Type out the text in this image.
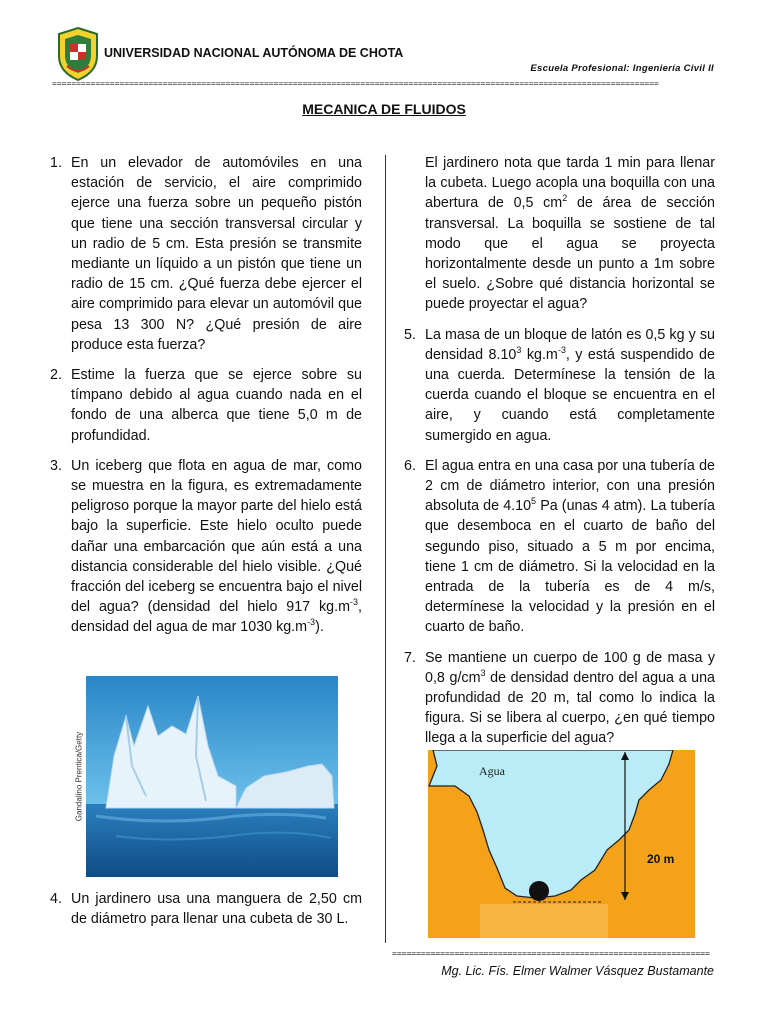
UNIVERSIDAD NACIONAL AUTÓNOMA DE CHOTA
Escuela Profesional: Ingeniería Civil II
==============================================================================================================================
MECANICA DE FLUIDOS
1. En un elevador de automóviles en una estación de servicio, el aire comprimido ejerce una fuerza sobre un pequeño pistón que tiene una sección transversal circular y un radio de 5 cm. Esta presión se transmite mediante un líquido a un pistón que tiene un radio de 15 cm. ¿Qué fuerza debe ejercer el aire comprimido para elevar un automóvil que pesa 13 300 N? ¿Qué presión de aire produce esta fuerza?
2. Estime la fuerza que se ejerce sobre su tímpano debido al agua cuando nada en el fondo de una alberca que tiene 5,0 m de profundidad.
3. Un iceberg que flota en agua de mar, como se muestra en la figura, es extremadamente peligroso porque la mayor parte del hielo está bajo la superficie. Este hielo oculto puede dañar una embarcación que aún está a una distancia considerable del hielo visible. ¿Qué fracción del iceberg se encuentra bajo el nivel del agua? (densidad del hielo 917 $kg.m^{-3}$, densidad del agua de mar 1030 $kg.m^{-3}$).
Gandalino Prentica/Getty
4. Un jardinero usa una manguera de 2,50 cm de diámetro para llenar una cubeta de 30 L.
El jardinero nota que tarda 1 min para llenar la cubeta. Luego acopla una boquilla con una abertura de 0,5 $cm^2$ de área de sección transversal. La boquilla se sostiene de tal modo que el agua se proyecta horizontalmente desde un punto a 1m sobre el suelo. ¿Sobre qué distancia horizontal se puede proyectar el agua?
5. La masa de un bloque de latón es 0,5 kg y su densidad 8.10$^3$ $kg.m^{-3}$, y está suspendido de una cuerda. Determínese la tensión de la cuerda cuando el bloque se encuentra en el aire, y cuando está completamente sumergido en agua.
6. El agua entra en una casa por una tubería de 2 cm de diámetro interior, con una presión absoluta de 4.10$^5$ Pa (unas 4 atm). La tubería que desemboca en el cuarto de baño del segundo piso, situado a 5 m por encima, tiene 1 cm de diámetro. Si la velocidad en la entrada de la tubería es de 4 m/s, determínese la velocidad y la presión en el cuarto de baño.
7. Se mantiene un cuerpo de 100 g de masa y 0,8 $g/cm^3$ de densidad dentro del agua a una profundidad de 20 m, tal como lo indica la figura. Si se libera al cuerpo, ¿en qué tiempo llega a la superficie del agua?
Agua
20 m
==================================================================
Mg. Lic. Fís. Elmer Walmer Vásquez Bustamante
